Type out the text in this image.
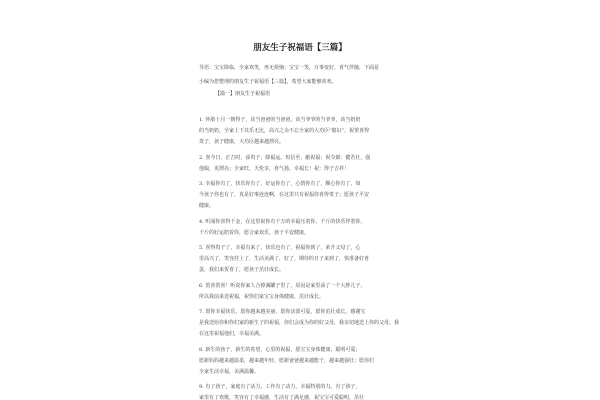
朋友生子祝福语【三篇】
导语：宝宝降临，全家欢笑，再无烦恼；宝宝一笑，万事变好，喜气伴随，下面是
小编为您整理的朋友生子祝福语【三篇】，希望大家能够喜欢。
【篇一】朋友生子祝福语
1. 怀胎十月一朝得子，该当爸爸的当爸爸，该当爷爷的当爷爷，该当奶奶
的当奶奶，全家上下其乐无比，高兴之余不忘全家的大功臣“媳妇”，祝贺喜得
贵子，孩子健康，大功臣越来越漂亮。
2. 喜今日，正吉时，添贵子，降福运。短信至，献祝福；祝令郎：健若壮，强
他娘，更漂亮；全家旺，天伦享，喜气扬，幸福长！祝：得子吉祥！
3. 幸福你有了，快乐你有了，好运你有了，心情你有了，顺心你有了，如
今孩子你也有了，真是好事连连啊，在这里只有祝福你喜得贵子；愿孩子平安
健康。
4. 听闻你喜得千金，在这里祝你有千万的幸福压着你，千斤的快乐伴着你，
千斤的好运陪着你，愿合家欢乐，孩子平安健康。
5. 喜得贵子了，幸福有来了，快乐也有了，祝福你到了，荣升父母了，心
里高兴了，笑容挂上了，生活美满了，好了，期待的日子来到了，快准备好喜
蛋，我们来贺喜了，愿孩子茁壮成长。
6. 贺喜贺喜！听说你家人合掉满罐子里了，原因是家里添了一个大胖儿子，
所以我前来送祝福，祝你们家宝宝身体健康，茁壮成长。
7. 愿你幸福快乐，愿你越来越美丽，愿你活泼可爱，愿你茁壮成长，感谢宝
是我送给你和你们家的新生子的祝福，你们会成为你的好父母，我亲切地送上你的父母，我
在这里祝福他们，幸福美满。
8. 新生的孩子，新生的希望，心里的祝福，愿宝宝身体健康，聪明可爱；
愿新妈妈越来越温柔，越来越年轻，愿新爸爸越来越能干，越来越强壮；愿你们
全家生活幸福，美满温馨。
9. 有了孩子，家庭有了活力，工作有了动力，幸福特别的力。有了孩子，
家里有了欢歌，笑容有了幸福感，生活有了满足感，祝宝宝可爱聪明，茁壮
